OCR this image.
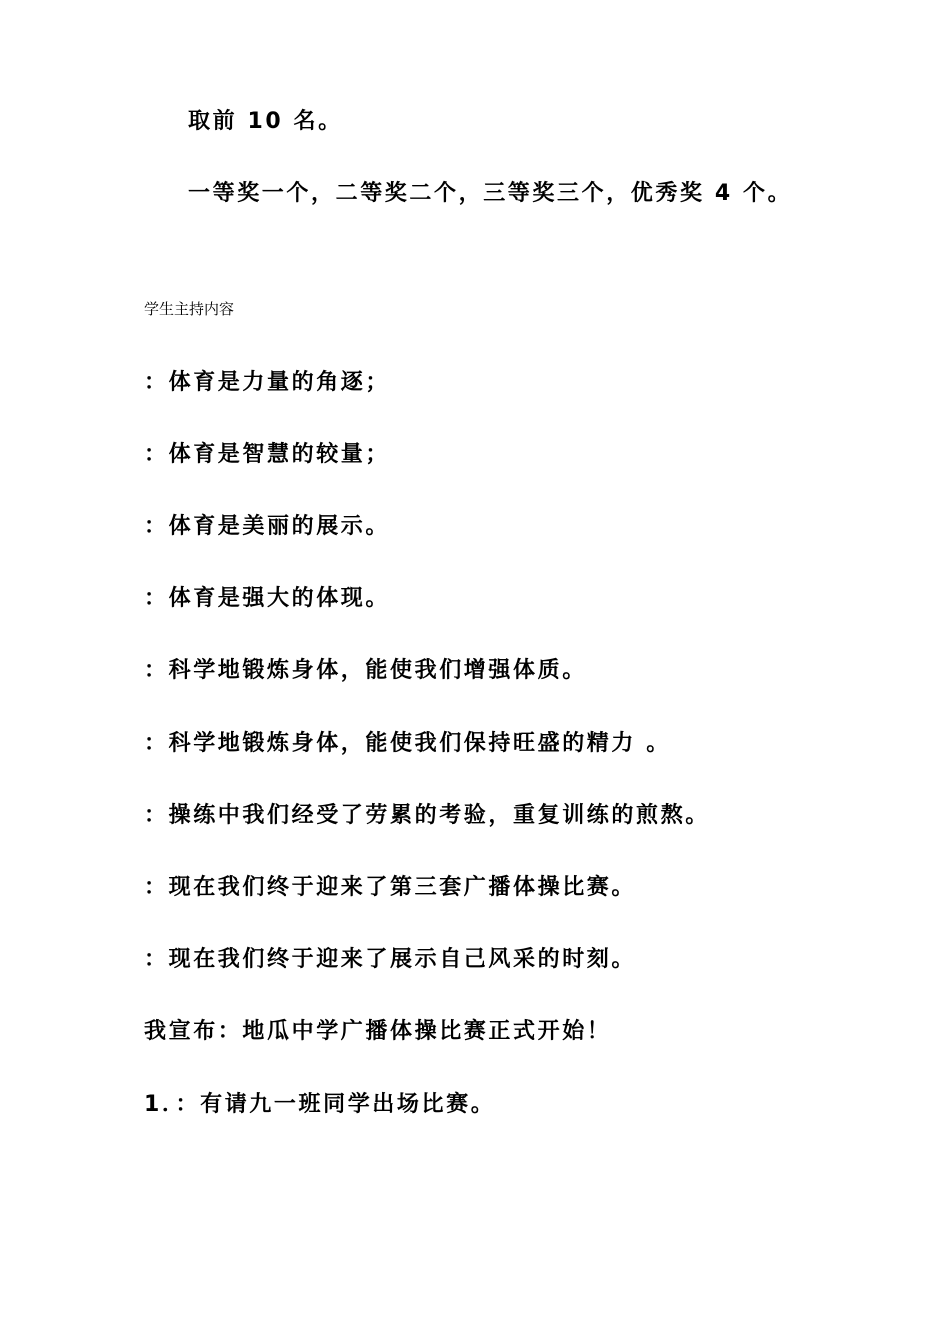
取前 10 名。
一等奖一个，二等奖二个，三等奖三个，优秀奖 4 个。
学生主持内容
：体育是力量的角逐；
：体育是智慧的较量；
：体育是美丽的展示。
：体育是强大的体现。
：科学地锻炼身体，能使我们增强体质。
：科学地锻炼身体，能使我们保持旺盛的精力 。
：操练中我们经受了劳累的考验，重复训练的煎熬。
：现在我们终于迎来了第三套广播体操比赛。
：现在我们终于迎来了展示自己风采的时刻。
我宣布：地瓜中学广播体操比赛正式开始！
1．：有请九一班同学出场比赛。
